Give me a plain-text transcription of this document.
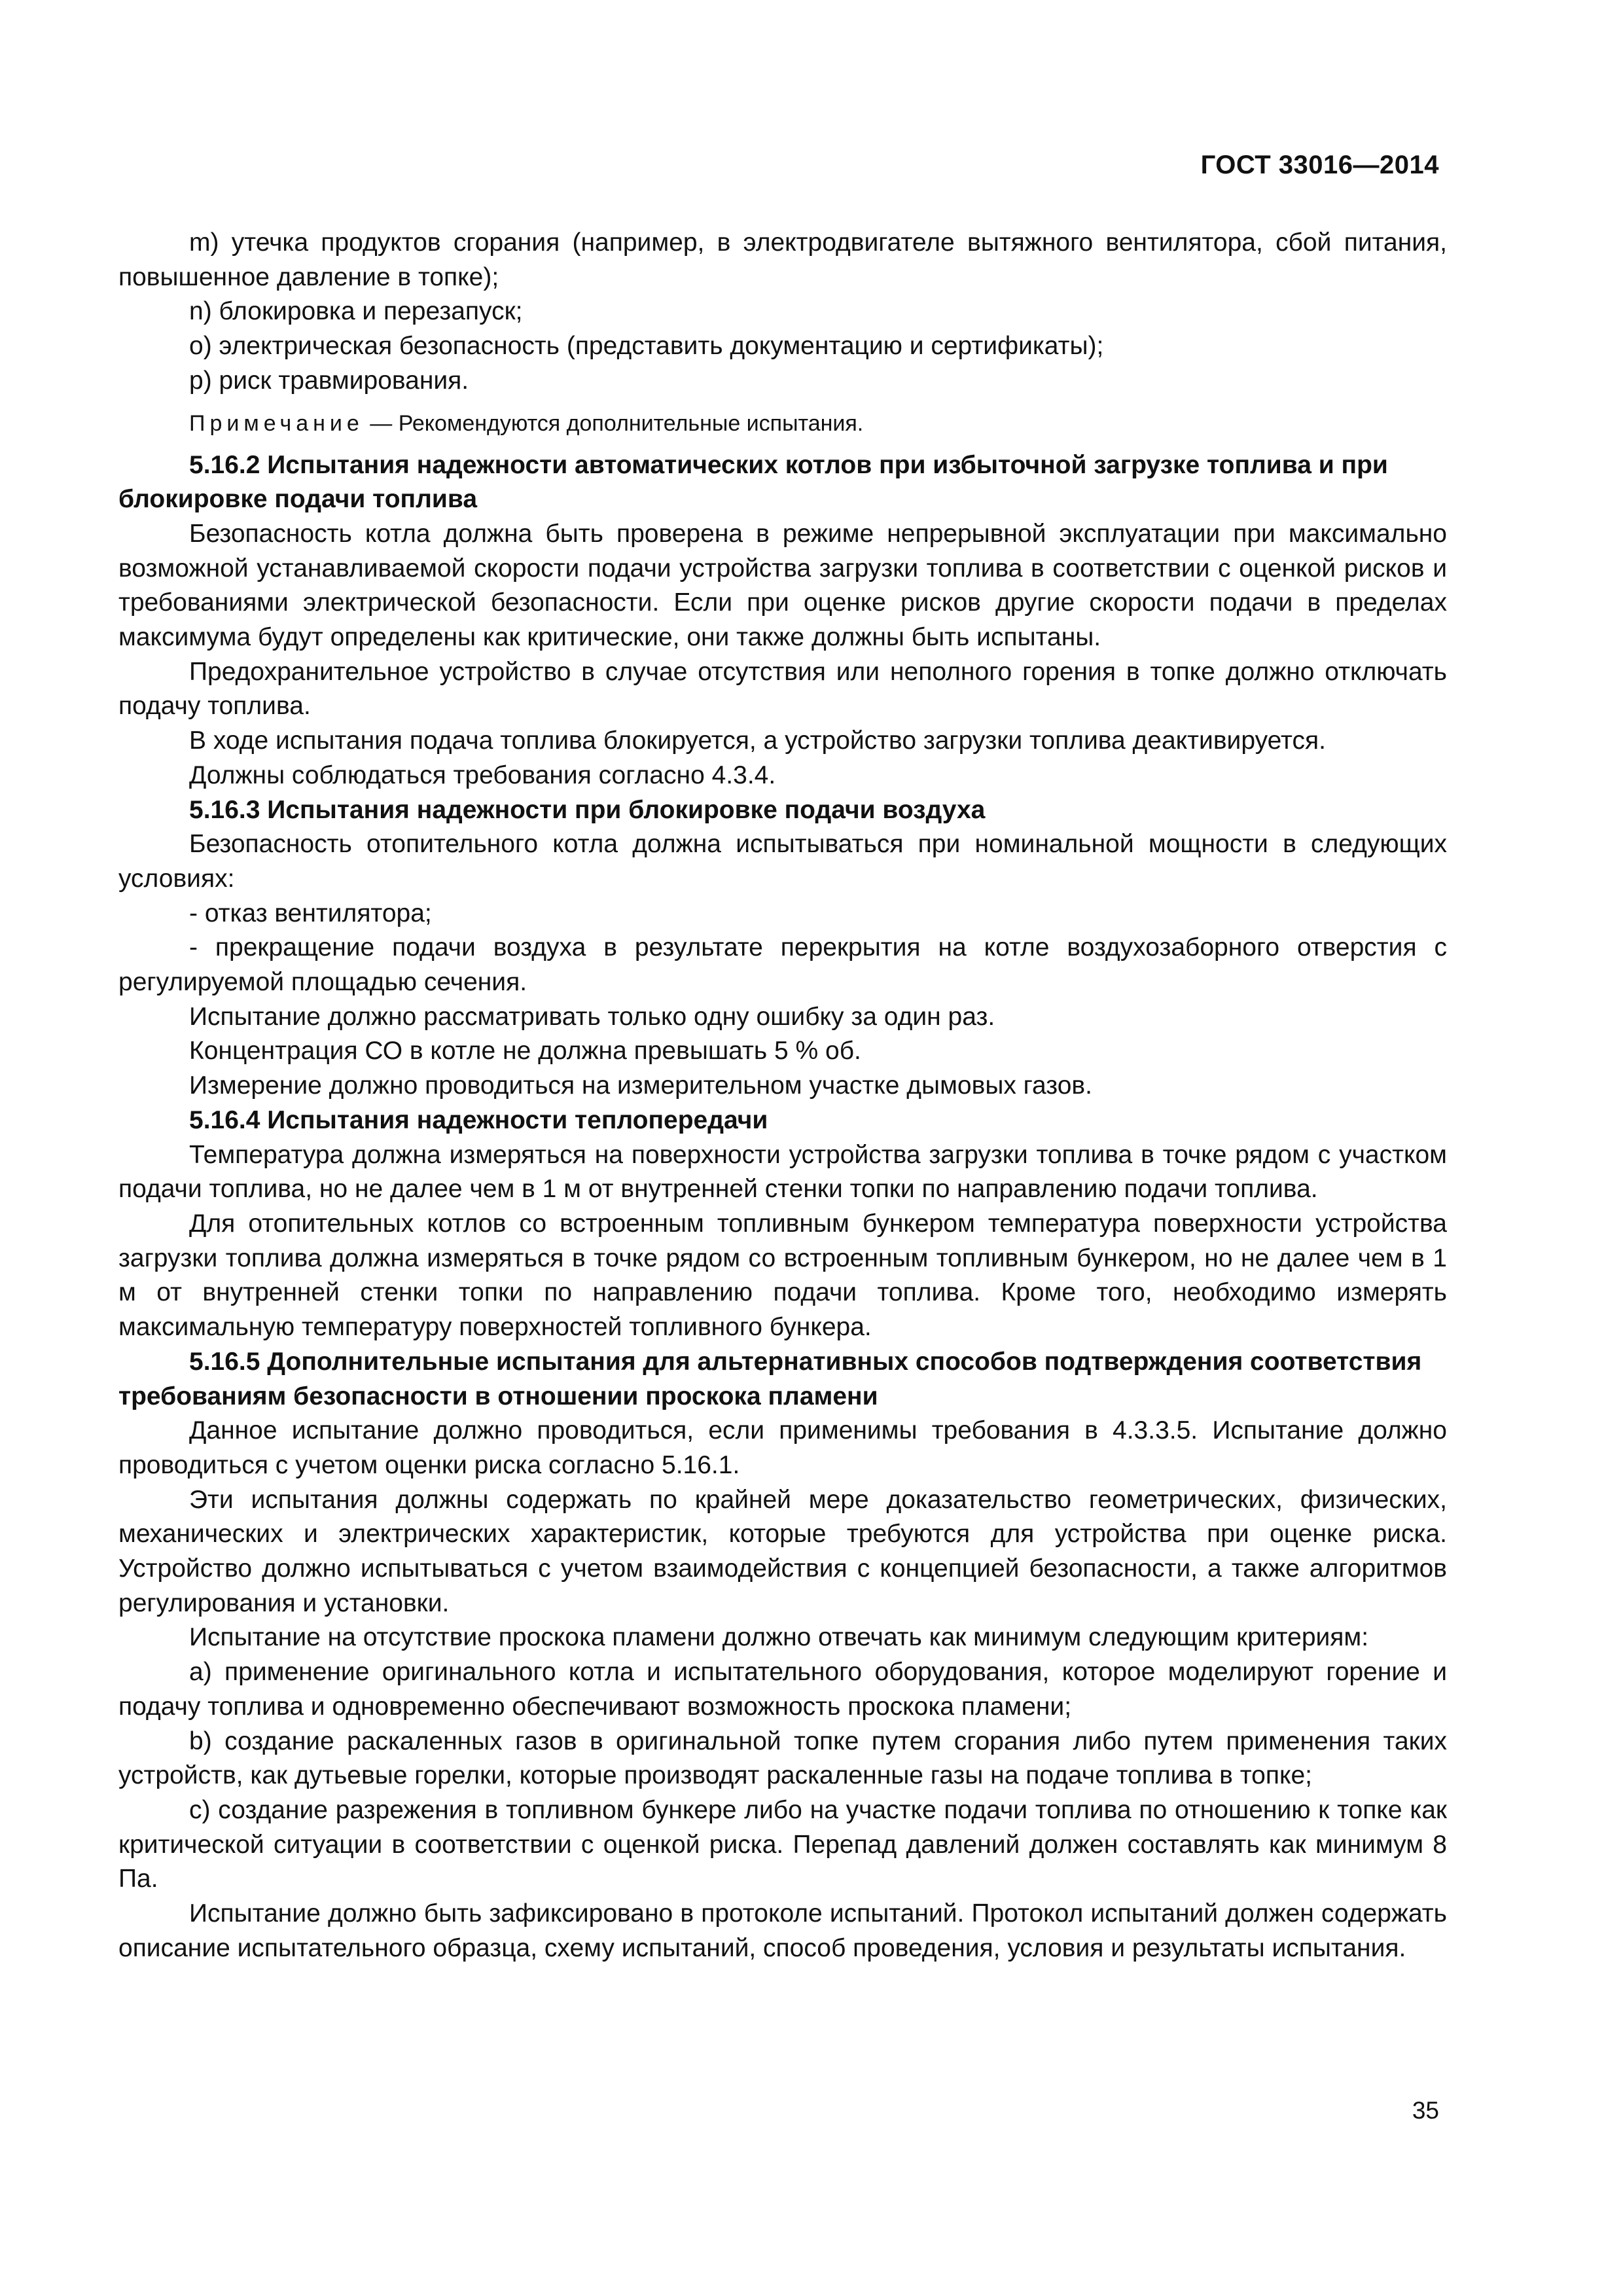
ГОСТ 33016—2014

m) утечка продуктов сгорания (например, в электродвигателе вытяжного вентилятора, сбой питания, повышенное давление в топке);

n) блокировка и перезапуск;

о) электрическая безопасность (представить документацию и сертификаты);

р) риск травмирования.

Примечание — Рекомендуются дополнительные испытания.

5.16.2 Испытания надежности автоматических котлов при избыточной загрузке топлива и при блокировке подачи топлива

Безопасность котла должна быть проверена в режиме непрерывной эксплуатации при максимально возможной устанавливаемой скорости подачи устройства загрузки топлива в соответствии с оценкой рисков и требованиями электрической безопасности. Если при оценке рисков другие скорости подачи в пределах максимума будут определены как критические, они также должны быть испытаны.

Предохранительное устройство в случае отсутствия или неполного горения в топке должно отключать подачу топлива.

В ходе испытания подача топлива блокируется, а устройство загрузки топлива деактивируется.

Должны соблюдаться требования согласно 4.3.4.

5.16.3 Испытания надежности при блокировке подачи воздуха

Безопасность отопительного котла должна испытываться при номинальной мощности в следующих условиях:

- отказ вентилятора;

- прекращение подачи воздуха в результате перекрытия на котле воздухозаборного отверстия с регулируемой площадью сечения.

Испытание должно рассматривать только одну ошибку за один раз.

Концентрация СО в котле не должна превышать 5 % об.

Измерение должно проводиться на измерительном участке дымовых газов.

5.16.4 Испытания надежности теплопередачи

Температура должна измеряться на поверхности устройства загрузки топлива в точке рядом с участком подачи топлива, но не далее чем в 1 м от внутренней стенки топки по направлению подачи топлива.

Для отопительных котлов со встроенным топливным бункером температура поверхности устройства загрузки топлива должна измеряться в точке рядом со встроенным топливным бункером, но не далее чем в 1 м от внутренней стенки топки по направлению подачи топлива. Кроме того, необходимо измерять максимальную температуру поверхностей топливного бункера.

5.16.5 Дополнительные испытания для альтернативных способов подтверждения соответствия требованиям безопасности в отношении проскока пламени

Данное испытание должно проводиться, если применимы требования в 4.3.3.5. Испытание должно проводиться с учетом оценки риска согласно 5.16.1.

Эти испытания должны содержать по крайней мере доказательство геометрических, физических, механических и электрических характеристик, которые требуются для устройства при оценке риска. Устройство должно испытываться с учетом взаимодействия с концепцией безопасности, а также алгоритмов регулирования и установки.

Испытание на отсутствие проскока пламени должно отвечать как минимум следующим критериям:

а) применение оригинального котла и испытательного оборудования, которое моделируют горение и подачу топлива и одновременно обеспечивают возможность проскока пламени;

b) создание раскаленных газов в оригинальной топке путем сгорания либо путем применения таких устройств, как дутьевые горелки, которые производят раскаленные газы на подаче топлива в топке;

с) создание разрежения в топливном бункере либо на участке подачи топлива по отношению к топке как критической ситуации в соответствии с оценкой риска. Перепад давлений должен составлять как минимум 8 Па.

Испытание должно быть зафиксировано в протоколе испытаний. Протокол испытаний должен содержать описание испытательного образца, схему испытаний, способ проведения, условия и результаты испытания.

35
